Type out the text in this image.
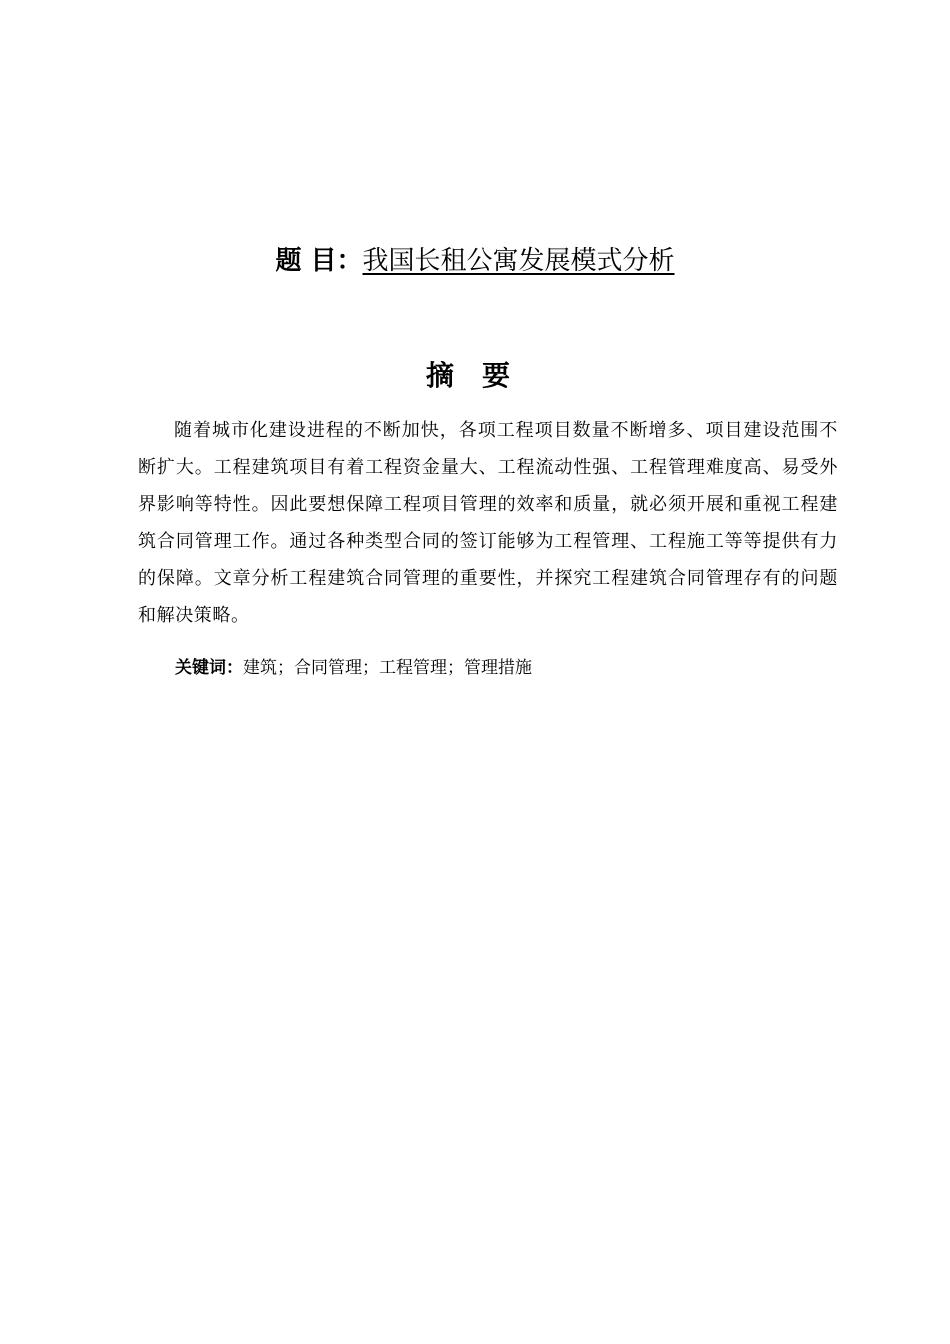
题 目：我国长租公寓发展模式分析
摘要

随着城市化建设进程的不断加快，各项工程项目数量不断增多、项目建设范围不断扩大。工程建筑项目有着工程资金量大、工程流动性强、工程管理难度高、易受外界影响等特性。因此要想保障工程项目管理的效率和质量，就必须开展和重视工程建筑合同管理工作。通过各种类型合同的签订能够为工程管理、工程施工等等提供有力的保障。文章分析工程建筑合同管理的重要性，并探究工程建筑合同管理存有的问题和解决策略。

关键词：建筑；合同管理；工程管理；管理措施
